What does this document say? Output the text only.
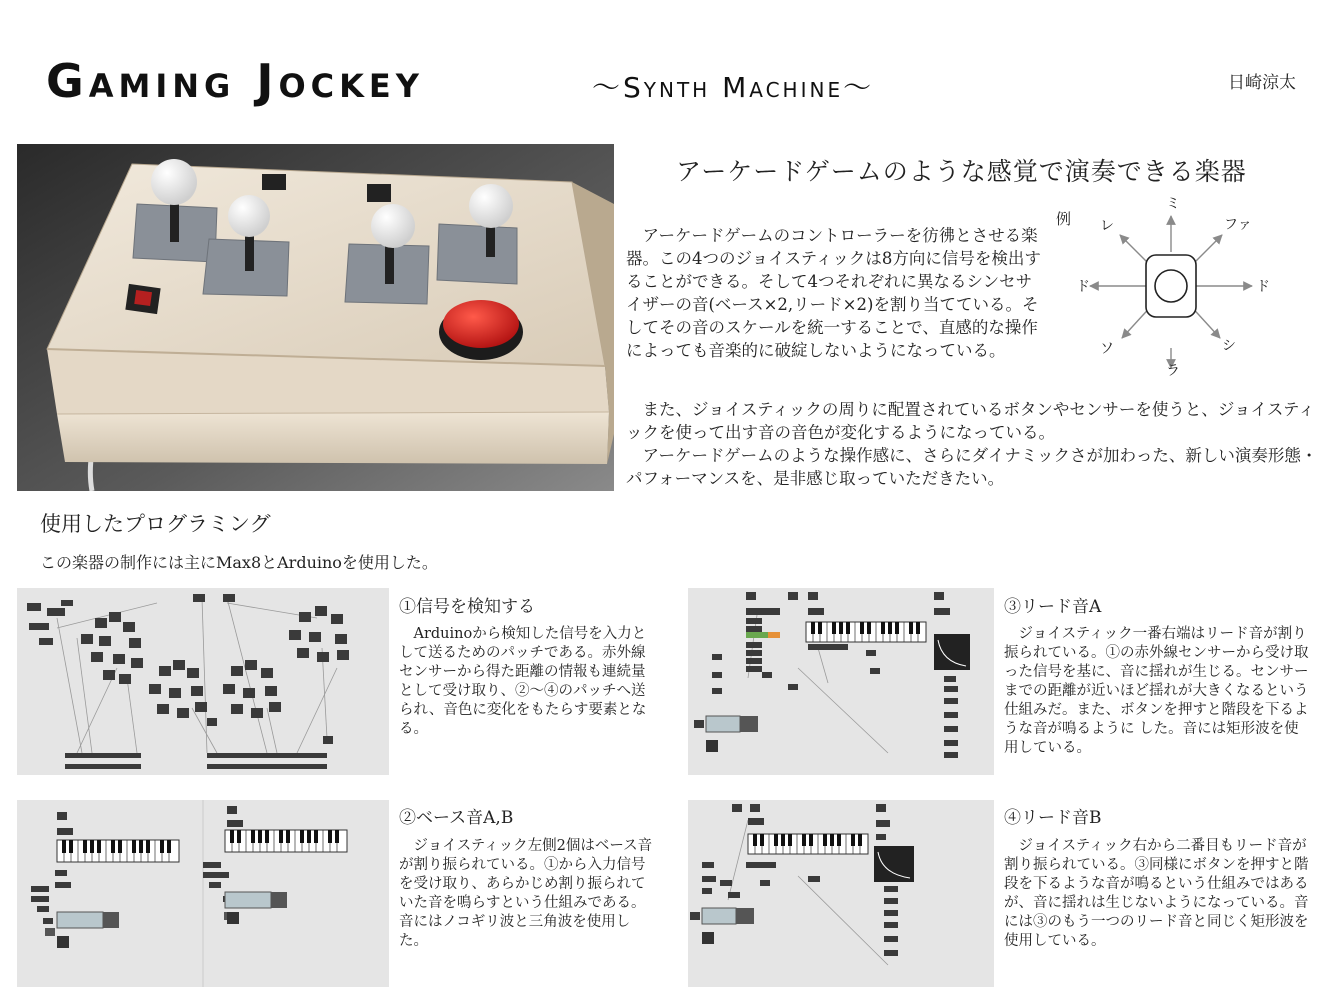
Gaming Jockey	～Synth Machine～	日崎涼太
アーケードゲームのような感覚で演奏できる楽器
アーケードゲームのコントローラーを彷彿とさせる楽器。この4つのジョイスティックは8方向に信号を検出することができる。そして4つそれぞれに異なるシンセサイザーの音(ベース×2,リード×2)を割り当てている。そしてその音のスケールを統一することで、直感的な操作によっても音楽的に破綻しないようになっている。
また、ジョイスティックの周りに配置されているボタンやセンサーを使うと、ジョイスティックを使って出す音の音色が変化するようになっている。
アーケードゲームのような操作感に、さらにダイナミックさが加わった、新しい演奏形態・パフォーマンスを、是非感じ取っていただきたい。
例
ミ
ファ
ド
シ
ラ
ソ
ド
レ
使用したプログラミング
この楽器の制作には主にMax8とArduinoを使用した。
①信号を検知する
Arduinoから検知した信号を入力として送るためのパッチである。赤外線センサーから得た距離の情報も連続量として受け取り、②～④のパッチへ送られ、音色に変化をもたらす要素となる。
②ベース音A,B
ジョイスティック左側2個はベース音が割り振られている。①から入力信号を受け取り、あらかじめ割り振られていた音を鳴らすという仕組みである。音にはノコギリ波と三角波を使用した。
③リード音A
ジョイスティック一番右端はリード音が割り振られている。①の赤外線センサーから受け取った信号を基に、音に揺れが生じる。センサーまでの距離が近いほど揺れが大きくなるという仕組みだ。また、ボタンを押すと階段を下るような音が鳴るように した。音には矩形波を使用している。
④リード音B
ジョイスティック右から二番目もリード音が割り振られている。③同様にボタンを押すと階段を下るような音が鳴るという仕組みではあるが、音に揺れは生じないようになっている。音には③のもう一つのリード音と同じく矩形波を使用している。
